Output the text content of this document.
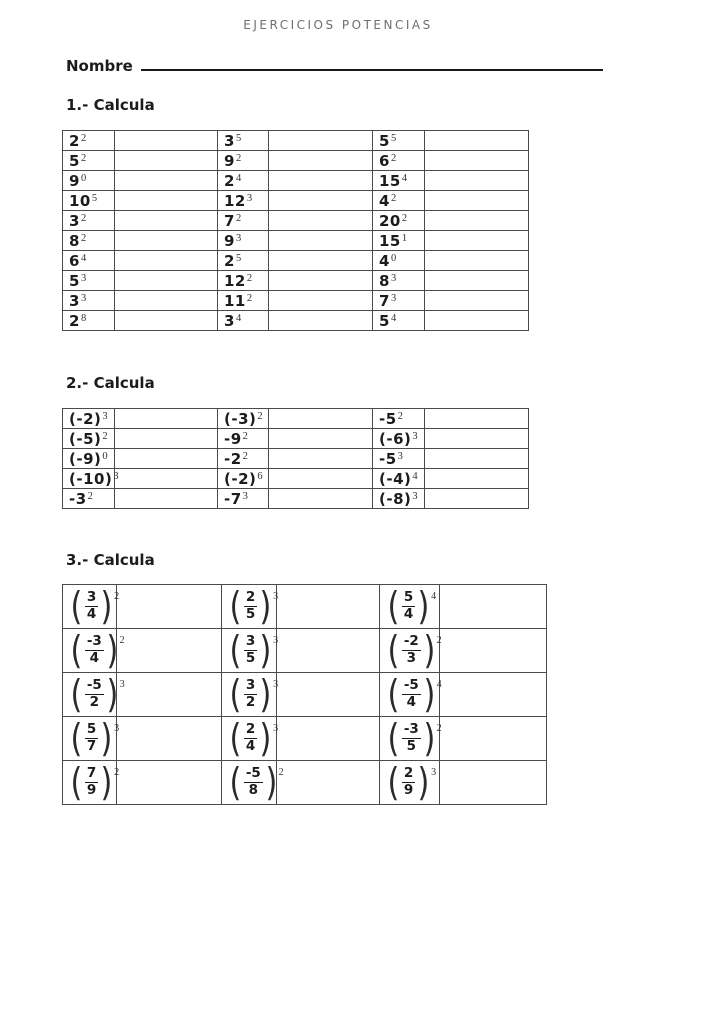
EJERCICIOS POTENCIAS
Nombre
1.- Calcula
$2^2$		$3^5$		$5^5$	
$5^2$		$9^2$		$6^2$	
$9^0$		$2^4$		$15^4$	
$10^5$		$12^3$		$4^2$	
$3^2$		$7^2$		$20^2$	
$8^2$		$9^3$		$15^1$	
$6^4$		$2^5$		$4^0$	
$5^3$		$12^2$		$8^3$	
$3^3$		$11^2$		$7^3$	
$2^8$		$3^4$		$5^4$	
2.- Calcula
$(-2)^3$		$(-3)^2$		$-5^2$	
$(-5)^2$		$-9^2$		$(-6)^3$	
$(-9)^0$		$-2^2$		$-5^3$	
$(-10)^3$		$(-2)^6$		$(-4)^4$	
$-3^2$		$-7^3$		$(-8)^3$	
3.- Calcula
( $\frac{3}{4} )^2$		( $\frac{2}{5} )^3$		( $\frac{5}{4} )^4$

( $\frac{-3}{4} )^2$		( $\frac{3}{5} )^3$		( $\frac{-2}{3} )^2$

( $\frac{-5}{2} )^3$		( $\frac{3}{2} )^3$		( $\frac{-5}{4} )^4$

( $\frac{5}{7} )^3$		( $\frac{2}{4} )^3$		( $\frac{-3}{5} )^2$

( $\frac{7}{9} )^2$		( $\frac{-5}{8} )^2$		( $\frac{2}{9} )^3$
